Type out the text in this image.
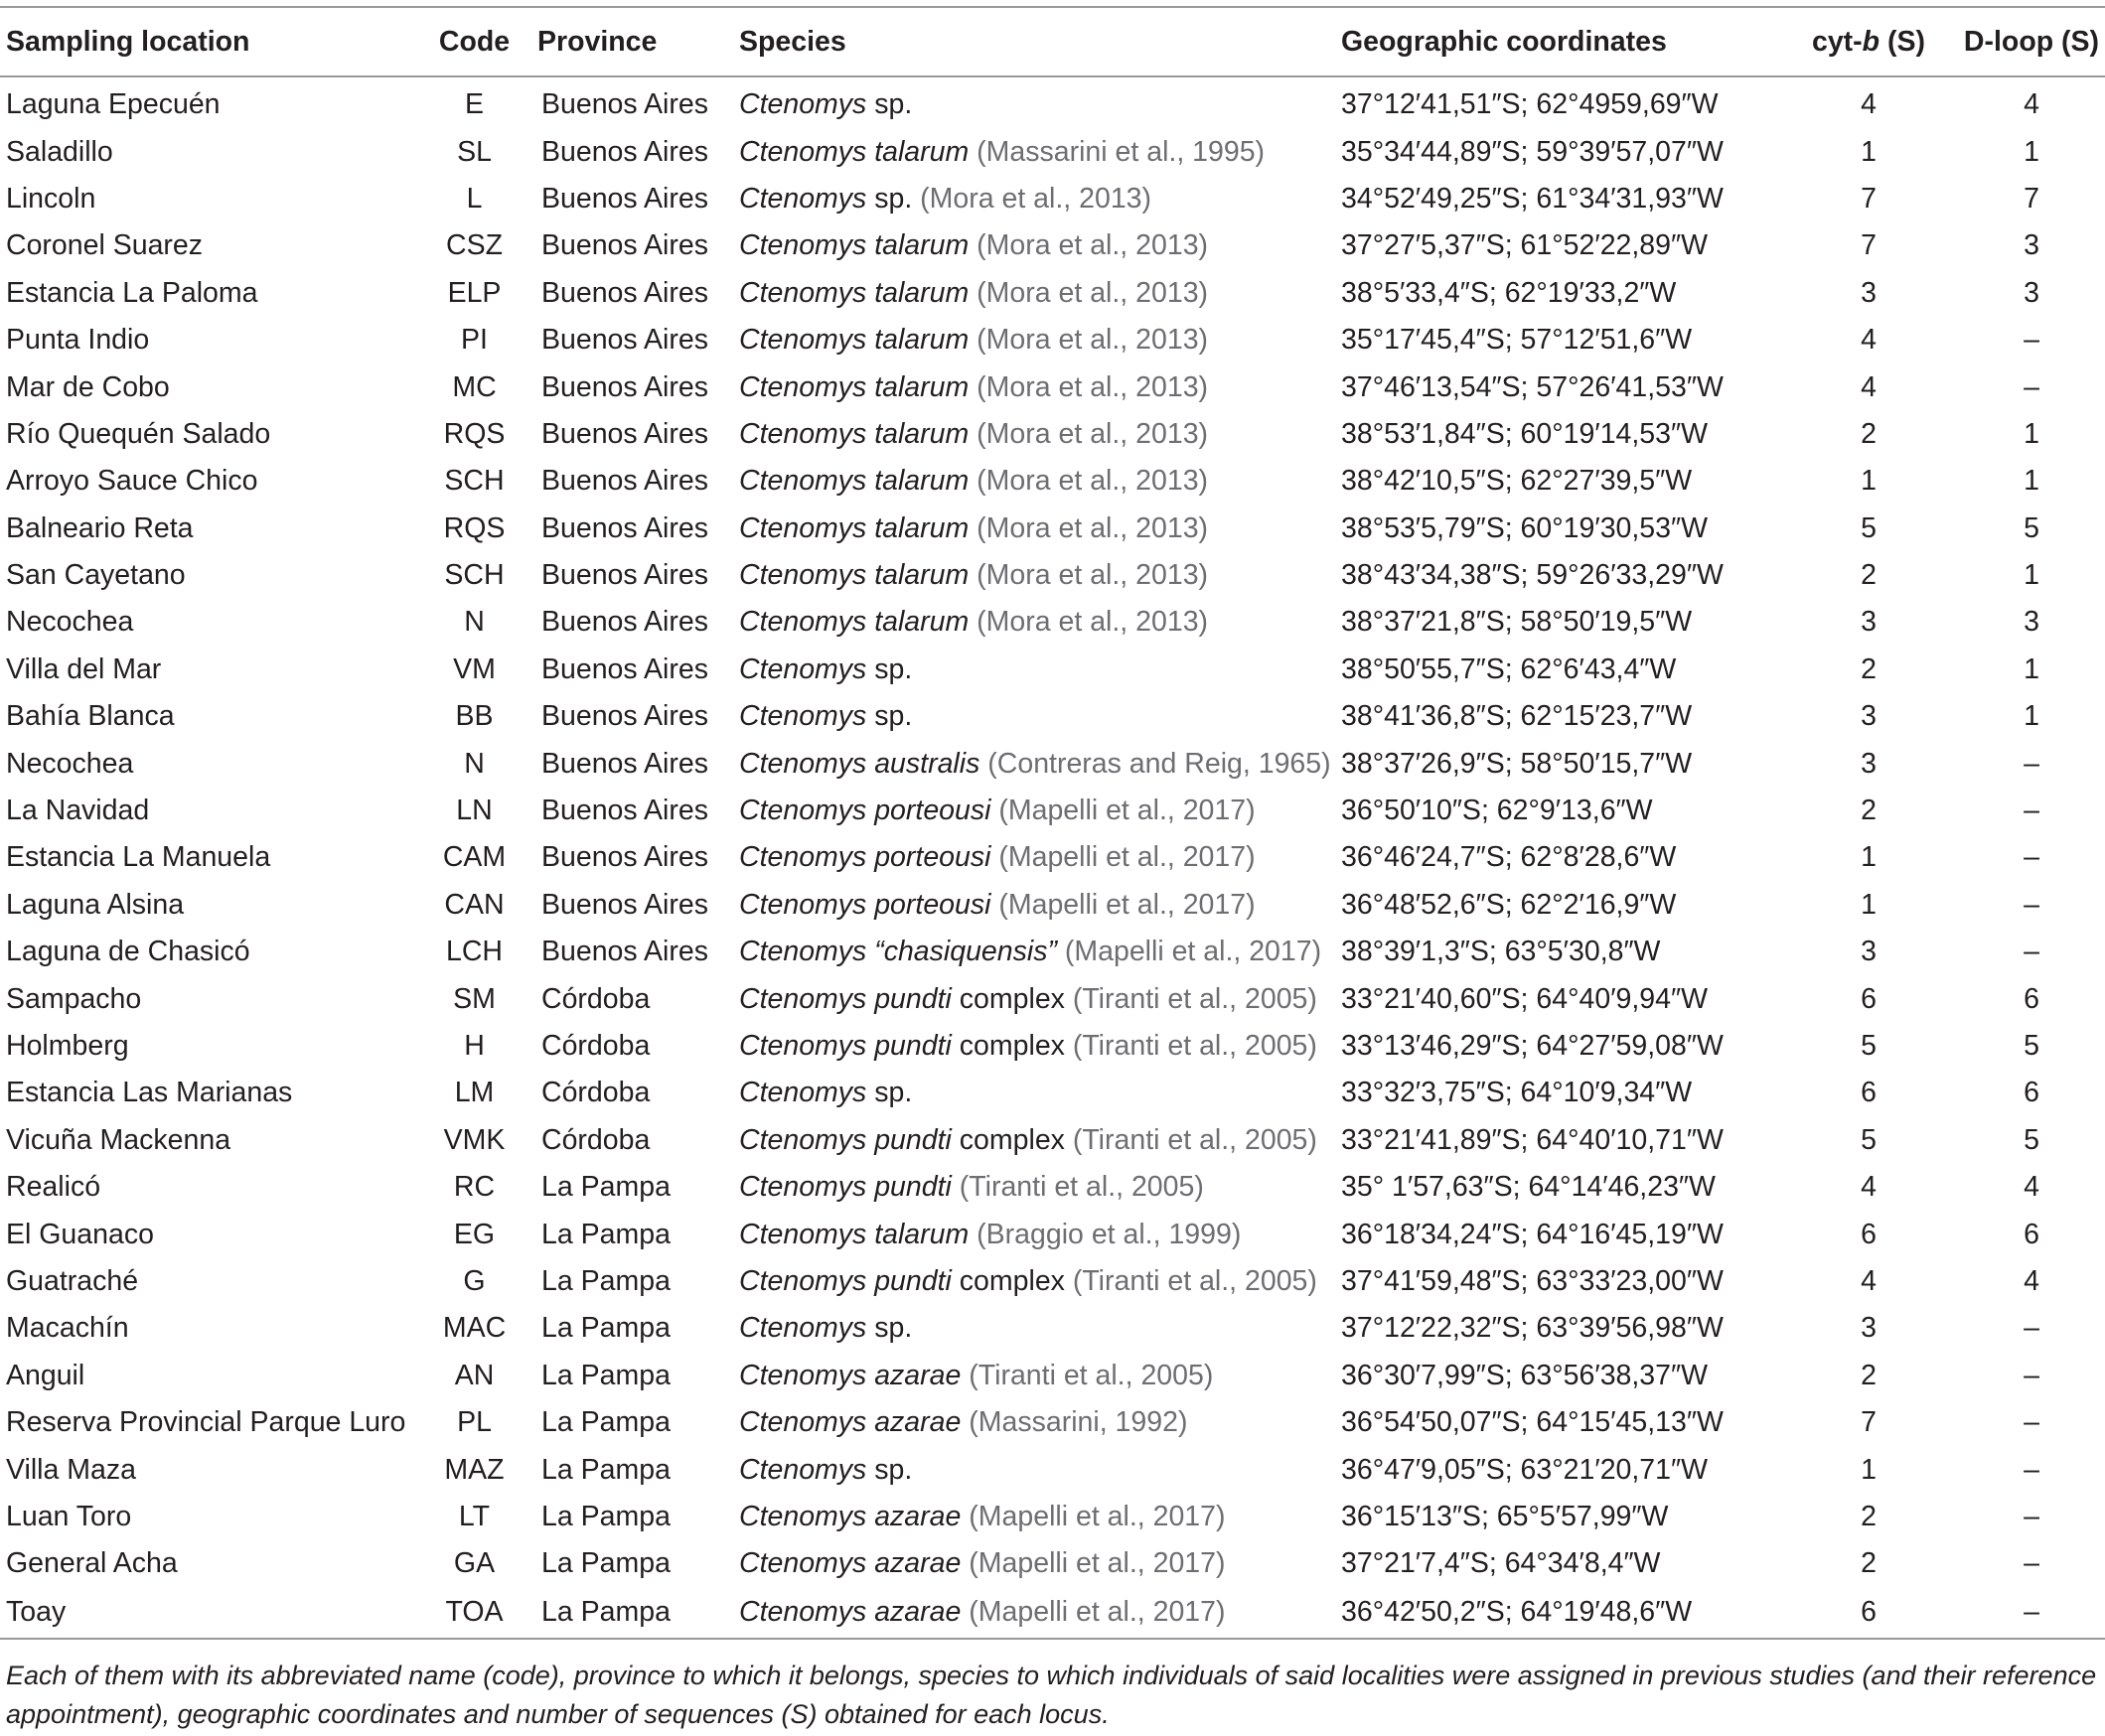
Sampling location	Code	Province	Species	Geographic coordinates	cyt-b (S)	D-loop (S)
Laguna Epecuén	E	Buenos Aires	Ctenomys sp.	37°12′41,51″S; 62°4959,69″W	4	4
Saladillo	SL	Buenos Aires	Ctenomys talarum (Massarini et al., 1995)	35°34′44,89″S; 59°39′57,07″W	1	1
Lincoln	L	Buenos Aires	Ctenomys sp. (Mora et al., 2013)	34°52′49,25″S; 61°34′31,93″W	7	7
Coronel Suarez	CSZ	Buenos Aires	Ctenomys talarum (Mora et al., 2013)	37°27′5,37″S; 61°52′22,89″W	7	3
Estancia La Paloma	ELP	Buenos Aires	Ctenomys talarum (Mora et al., 2013)	38°5′33,4″S; 62°19′33,2″W	3	3
Punta Indio	PI	Buenos Aires	Ctenomys talarum (Mora et al., 2013)	35°17′45,4″S; 57°12′51,6″W	4	–
Mar de Cobo	MC	Buenos Aires	Ctenomys talarum (Mora et al., 2013)	37°46′13,54″S; 57°26′41,53″W	4	–
Río Quequén Salado	RQS	Buenos Aires	Ctenomys talarum (Mora et al., 2013)	38°53′1,84″S; 60°19′14,53″W	2	1
Arroyo Sauce Chico	SCH	Buenos Aires	Ctenomys talarum (Mora et al., 2013)	38°42′10,5″S; 62°27′39,5″W	1	1
Balneario Reta	RQS	Buenos Aires	Ctenomys talarum (Mora et al., 2013)	38°53′5,79″S; 60°19′30,53″W	5	5
San Cayetano	SCH	Buenos Aires	Ctenomys talarum (Mora et al., 2013)	38°43′34,38″S; 59°26′33,29″W	2	1
Necochea	N	Buenos Aires	Ctenomys talarum (Mora et al., 2013)	38°37′21,8″S; 58°50′19,5″W	3	3
Villa del Mar	VM	Buenos Aires	Ctenomys sp.	38°50′55,7″S; 62°6′43,4″W	2	1
Bahía Blanca	BB	Buenos Aires	Ctenomys sp.	38°41′36,8″S; 62°15′23,7″W	3	1
Necochea	N	Buenos Aires	Ctenomys australis (Contreras and Reig, 1965)	38°37′26,9″S; 58°50′15,7″W	3	–
La Navidad	LN	Buenos Aires	Ctenomys porteousi (Mapelli et al., 2017)	36°50′10″S; 62°9′13,6″W	2	–
Estancia La Manuela	CAM	Buenos Aires	Ctenomys porteousi (Mapelli et al., 2017)	36°46′24,7″S; 62°8′28,6″W	1	–
Laguna Alsina	CAN	Buenos Aires	Ctenomys porteousi (Mapelli et al., 2017)	36°48′52,6″S; 62°2′16,9″W	1	–
Laguna de Chasicó	LCH	Buenos Aires	Ctenomys “chasiquensis” (Mapelli et al., 2017)	38°39′1,3″S; 63°5′30,8″W	3	–
Sampacho	SM	Córdoba	Ctenomys pundti complex (Tiranti et al., 2005)	33°21′40,60″S; 64°40′9,94″W	6	6
Holmberg	H	Córdoba	Ctenomys pundti complex (Tiranti et al., 2005)	33°13′46,29″S; 64°27′59,08″W	5	5
Estancia Las Marianas	LM	Córdoba	Ctenomys sp.	33°32′3,75″S; 64°10′9,34″W	6	6
Vicuña Mackenna	VMK	Córdoba	Ctenomys pundti complex (Tiranti et al., 2005)	33°21′41,89″S; 64°40′10,71″W	5	5
Realicó	RC	La Pampa	Ctenomys pundti (Tiranti et al., 2005)	35° 1′57,63″S; 64°14′46,23″W	4	4
El Guanaco	EG	La Pampa	Ctenomys talarum (Braggio et al., 1999)	36°18′34,24″S; 64°16′45,19″W	6	6
Guatraché	G	La Pampa	Ctenomys pundti complex (Tiranti et al., 2005)	37°41′59,48″S; 63°33′23,00″W	4	4
Macachín	MAC	La Pampa	Ctenomys sp.	37°12′22,32″S; 63°39′56,98″W	3	–
Anguil	AN	La Pampa	Ctenomys azarae (Tiranti et al., 2005)	36°30′7,99″S; 63°56′38,37″W	2	–
Reserva Provincial Parque Luro	PL	La Pampa	Ctenomys azarae (Massarini, 1992)	36°54′50,07″S; 64°15′45,13″W	7	–
Villa Maza	MAZ	La Pampa	Ctenomys sp.	36°47′9,05″S; 63°21′20,71″W	1	–
Luan Toro	LT	La Pampa	Ctenomys azarae (Mapelli et al., 2017)	36°15′13″S; 65°5′57,99″W	2	–
General Acha	GA	La Pampa	Ctenomys azarae (Mapelli et al., 2017)	37°21′7,4″S; 64°34′8,4″W	2	–
Toay	TOA	La Pampa	Ctenomys azarae (Mapelli et al., 2017)	36°42′50,2″S; 64°19′48,6″W	6	–
Each of them with its abbreviated name (code), province to which it belongs, species to which individuals of said localities were assigned in previous studies (and their reference appointment), geographic coordinates and number of sequences (S) obtained for each locus.
